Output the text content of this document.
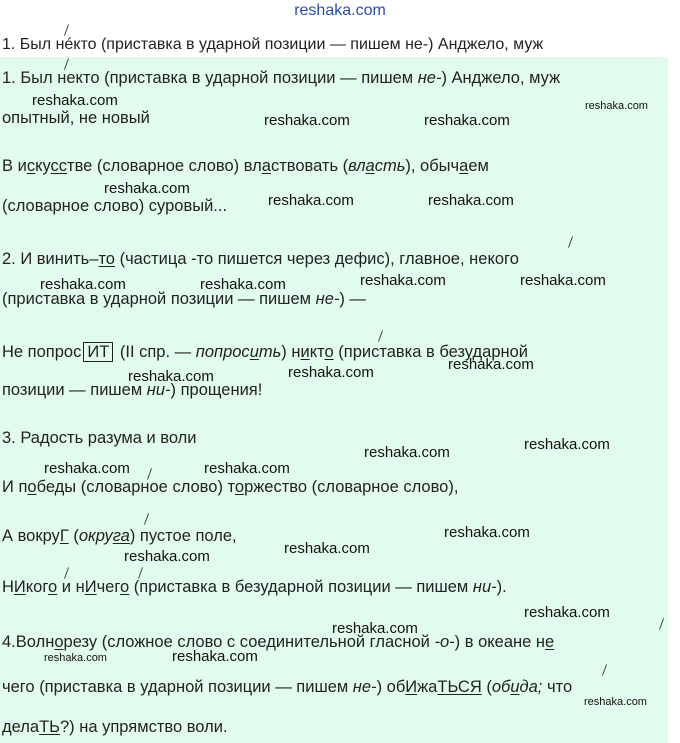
reshaka.com
1. Был нéкто (приставка в ударной позиции — пишем не-) Анджело, муж
1. Был некто (приставка в ударной позиции — пишем не-) Анджело, муж
опытный, не новый
В искусстве (словарное слово) властвовать (власть), обычаем
(словарное слово) суровый...
2. И винить–то (частица -то пишется через дефис), главное, некого
(приставка в ударной позиции — пишем не-) —
Не попрос ИТ (II спр. — попросить) никто (приставка в безударной
позиции — пишем ни-) прощения!
3. Радость разума и воли
И победы (словарное слово) торжество (словарное слово),
А вокруГ (округа) пустое поле,
НИкого и нИчего (приставка в безударной позиции — пишем ни-).
4.Волнорезу (сложное слово с соединительной гласной -о-) в океане не
чего (приставка в ударной позиции — пишем не-) обИжаТЬСЯ (обида; что
делаТЬ?) на упрямство воли.
reshaka.com
reshaka.com	reshaka.com
reshaka.com
reshaka.com
reshaka.com	reshaka.com
reshaka.com	reshaka.com	reshaka.com	reshaka.com
reshaka.com	reshaka.com	reshaka.com
reshaka.com
reshaka.com
reshaka.com	reshaka.com
reshaka.com
reshaka.com
reshaka.com
reshaka.com
reshaka.com
reshaka.com	reshaka.com
reshaka.com
